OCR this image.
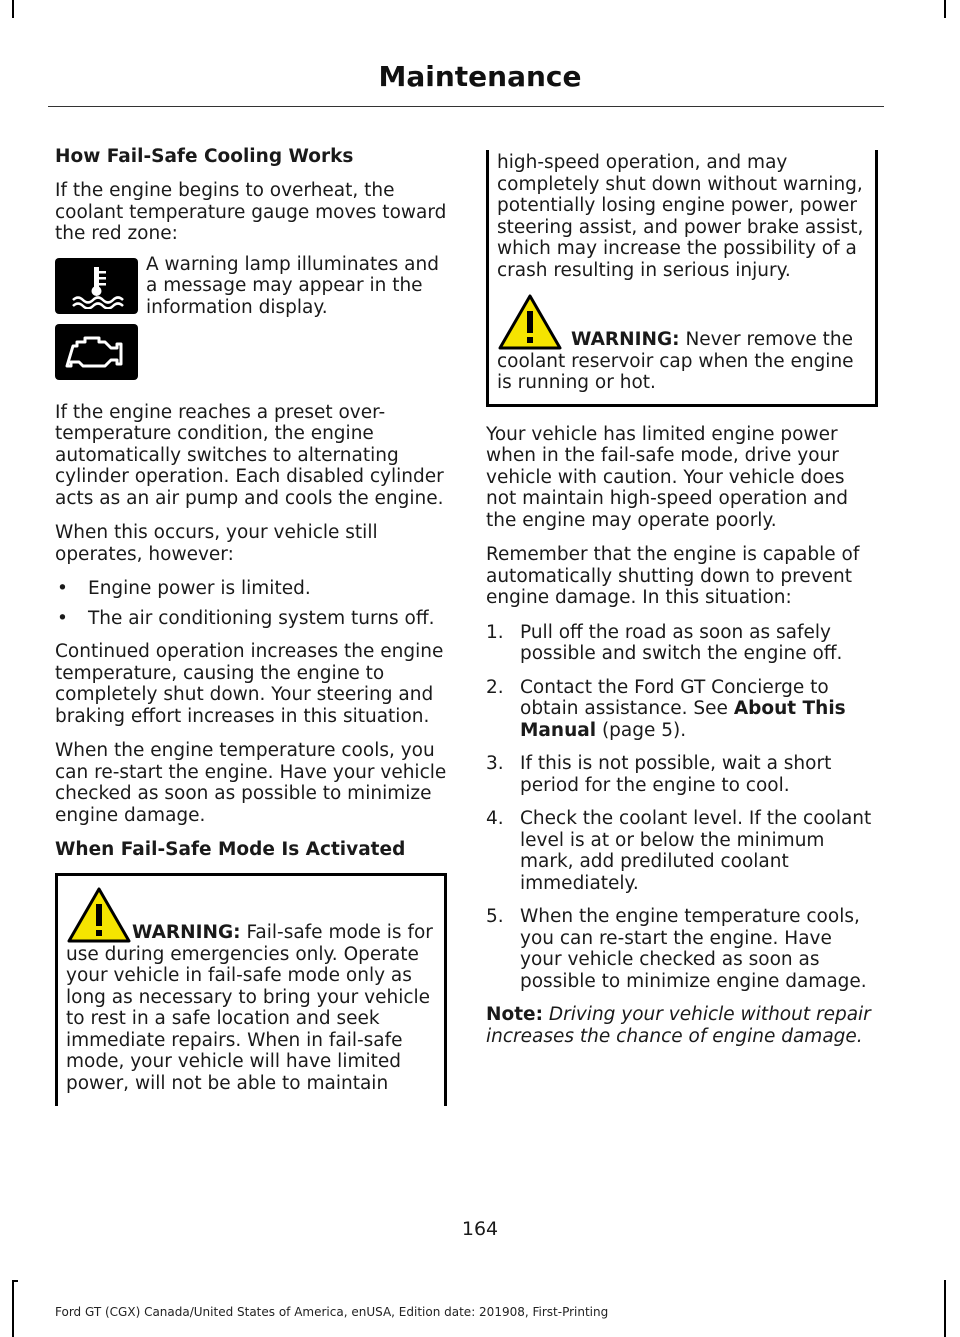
Maintenance
How Fail-Safe Cooling Works

If the engine begins to overheat, the coolant temperature gauge moves toward the red zone:

A warning lamp illuminates and a message may appear in the information display.

If the engine reaches a preset over-temperature condition, the engine automatically switches to alternating cylinder operation. Each disabled cylinder acts as an air pump and cools the engine.

When this occurs, your vehicle still operates, however:

• Engine power is limited.
• The air conditioning system turns off.

Continued operation increases the engine temperature, causing the engine to completely shut down. Your steering and braking effort increases in this situation.

When the engine temperature cools, you can re-start the engine. Have your vehicle checked as soon as possible to minimize engine damage.

When Fail-Safe Mode Is Activated
WARNING: Fail-safe mode is for use during emergencies only. Operate your vehicle in fail-safe mode only as long as necessary to bring your vehicle to rest in a safe location and seek immediate repairs. When in fail-safe mode, your vehicle will have limited power, will not be able to maintain
high-speed operation, and may completely shut down without warning, potentially losing engine power, power steering assist, and power brake assist, which may increase the possibility of a crash resulting in serious injury.
WARNING: Never remove the coolant reservoir cap when the engine is running or hot.

Your vehicle has limited engine power when in the fail-safe mode, drive your vehicle with caution. Your vehicle does not maintain high-speed operation and the engine may operate poorly.

Remember that the engine is capable of automatically shutting down to prevent engine damage. In this situation:

1. Pull off the road as soon as safely possible and switch the engine off.
2. Contact the Ford GT Concierge to obtain assistance. See About This Manual (page 5).
3. If this is not possible, wait a short period for the engine to cool.
4. Check the coolant level. If the coolant level is at or below the minimum mark, add prediluted coolant immediately.
5. When the engine temperature cools, you can re-start the engine. Have your vehicle checked as soon as possible to minimize engine damage.

Note: Driving your vehicle without repair increases the chance of engine damage.

164
Ford GT (CGX) Canada/United States of America, enUSA, Edition date: 201908, First-Printing
